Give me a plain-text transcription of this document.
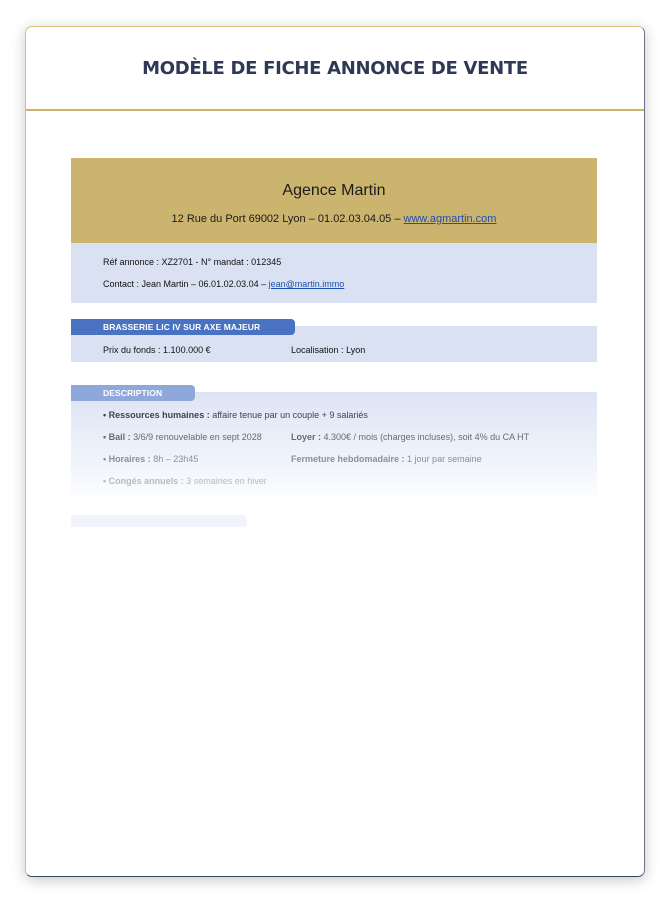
MODÈLE DE FICHE ANNONCE DE VENTE
Agence Martin
12 Rue du Port 69002 Lyon – 01.02.03.04.05 – www.agmartin.com
Réf annonce : XZ2701 - N° mandat : 012345
Contact : Jean Martin – 06.01.02.03.04 – jean@martin.immo
Prix du fonds : 1.100.000 €	Localisation : Lyon
BRASSERIE LIC IV SUR AXE MAJEUR
• Ressources humaines : affaire tenue par un couple + 9 salariés
• Bail : 3/6/9 renouvelable en sept 2028	Loyer : 4.300€ / mois (charges incluses), soit 4% du CA HT
• Horaires : 8h – 23h45	Fermeture hebdomadaire : 1 jour par semaine
• Congés annuels : 3 semaines en hiver
DESCRIPTION
